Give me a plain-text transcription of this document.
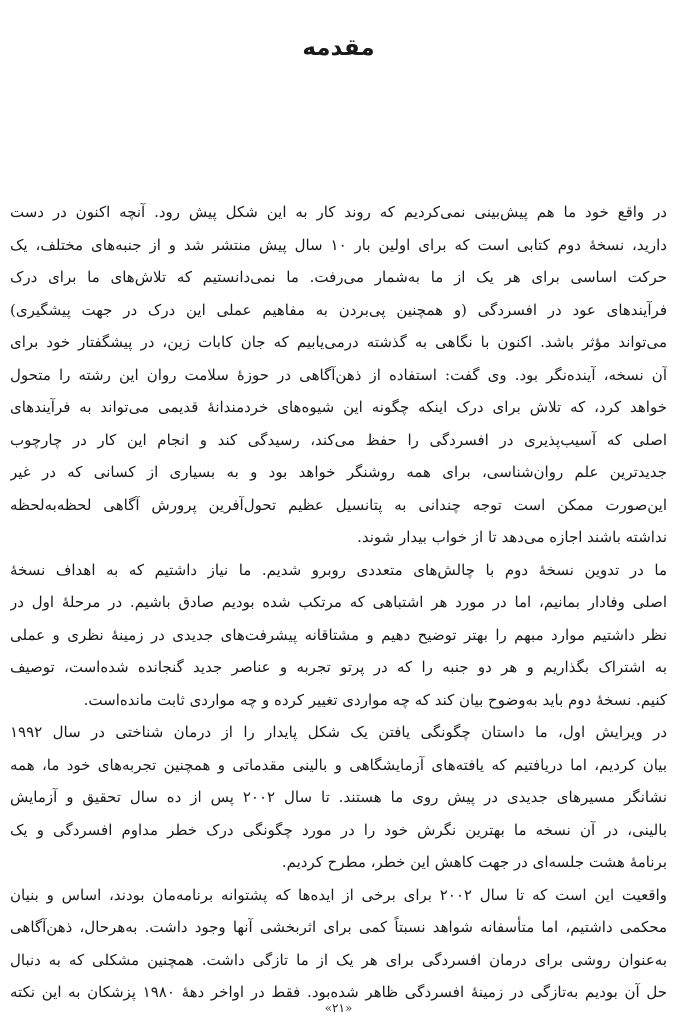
مقدمه
در واقع خود ما هم پیش‌بینی نمی‌کردیم که روند کار به این شکل پیش رود. آنچه اکنون در دست
دارید، نسخهٔ دوم کتابی است که برای اولین بار ۱۰ سال پیش منتشر شد و از جنبه‌های مختلف، یک
حرکت اساسی برای هر یک از ما به‌شمار می‌رفت. ما نمی‌دانستیم که تلاش‌های ما برای درک
فرآیندهای عود در افسردگی (و همچنین پی‌بردن به مفاهیم عملی این درک در جهت پیشگیری)
می‌تواند مؤثر باشد. اکنون با نگاهی به گذشته درمی‌یابیم که جان کابات زین، در پیشگفتار خود برای
آن نسخه، آینده‌نگر بود. وی گفت: استفاده از ذهن‌آگاهی در حوزهٔ سلامت روان این رشته را متحول
خواهد کرد، که تلاش برای درک اینکه چگونه این شیوه‌های خردمندانهٔ قدیمی می‌تواند به فرآیندهای
اصلی که آسیب‌پذیری در افسردگی را حفظ می‌کند، رسیدگی کند و انجام این کار در چارچوب
جدیدترین علم روان‌شناسی، برای همه روشنگر خواهد بود و به بسیاری از کسانی که در غیر
این‌صورت ممکن است توجه چندانی به پتانسیل عظیم تحول‌آفرین پرورش آگاهی لحظه‌به‌لحظه
نداشته باشند اجازه می‌دهد تا از خواب بیدار شوند.
ما در تدوین نسخهٔ دوم با چالش‌های متعددی روبرو شدیم. ما نیاز داشتیم که به اهداف نسخهٔ
اصلی وفادار بمانیم، اما در مورد هر اشتباهی که مرتکب شده بودیم صادق باشیم. در مرحلهٔ اول در
نظر داشتیم موارد مبهم را بهتر توضیح دهیم و مشتاقانه پیشرفت‌های جدیدی در زمینهٔ نظری و عملی
به اشتراک بگذاریم و هر دو جنبه را که در پرتو تجربه و عناصر جدید گنجانده شده‌است، توصیف
کنیم. نسخهٔ دوم باید به‌وضوح بیان کند که چه مواردی تغییر کرده و چه مواردی ثابت مانده‌است.
در ویرایش اول، ما داستان چگونگی یافتن یک شکل پایدار را از درمان شناختی در سال ۱۹۹۲
بیان کردیم، اما دریافتیم که یافته‌های آزمایشگاهی و بالینی مقدماتی و همچنین تجربه‌های خود ما، همه
نشانگر مسیرهای جدیدی در پیش روی ما هستند. تا سال ۲۰۰۲ پس از ده سال تحقیق و آزمایش
بالینی، در آن نسخه ما بهترین نگرش خود را در مورد چگونگی درک خطر مداوم افسردگی و یک
برنامهٔ هشت جلسه‌ای در جهت کاهش این خطر، مطرح کردیم.
واقعیت این است که تا سال ۲۰۰۲ برای برخی از ایده‌ها که پشتوانه برنامه‌مان بودند، اساس و بنیان
محکمی داشتیم، اما متأسفانه شواهد نسبتاً کمی برای اثربخشی آنها وجود داشت. به‌هرحال، ذهن‌آگاهی
به‌عنوان روشی برای درمان افسردگی برای هر یک از ما تازگی داشت. همچنین مشکلی که به دنبال
حل آن بودیم به‌تازگی در زمینهٔ افسردگی ظاهر شده‌بود. فقط در اواخر دههٔ ۱۹۸۰ پزشکان به این نکته
«۲۱»
